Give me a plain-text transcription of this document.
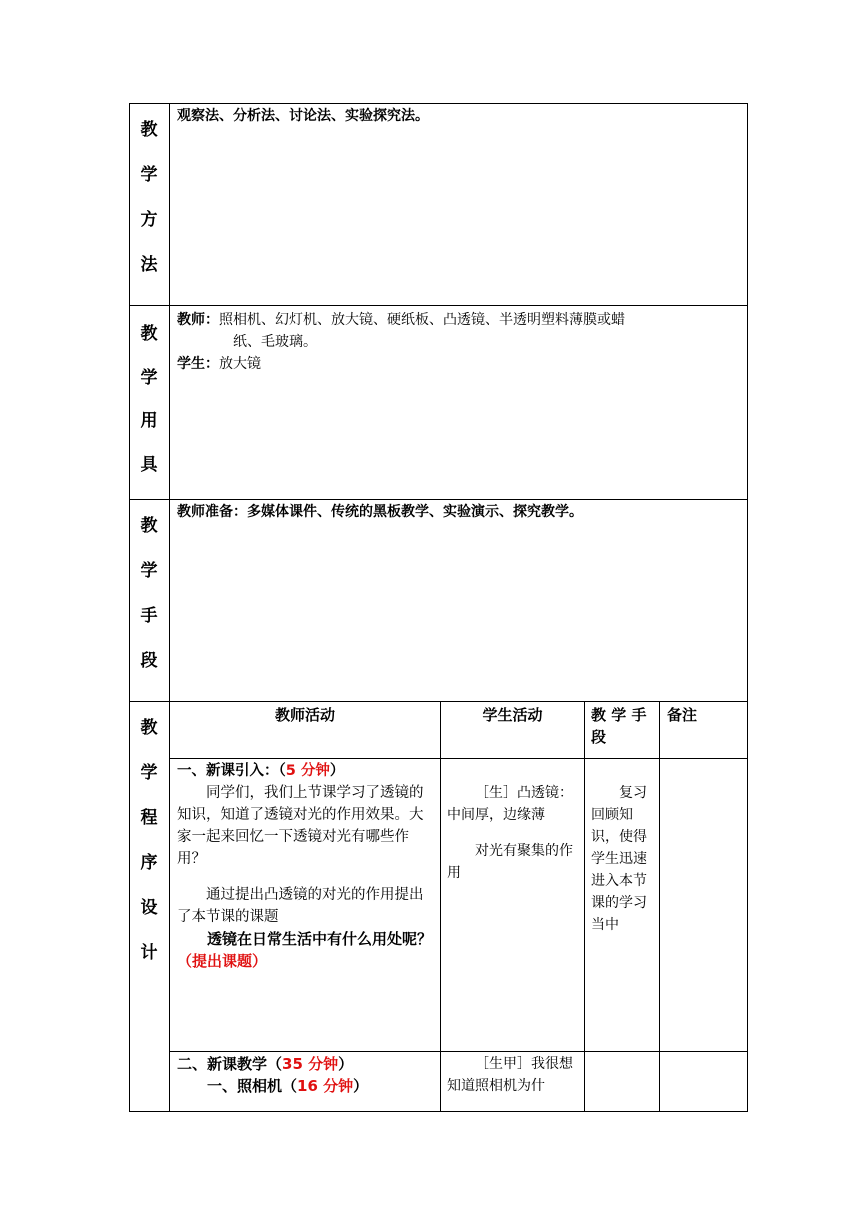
教
学
方
法
观察法、分析法、讨论法、实验探究法。
教
学
用
具

教师：照相机、幻灯机、放大镜、硬纸板、凸透镜、半透明塑料薄膜或蜡

纸、毛玻璃。

学生：放大镜

教
学
手
段
教师准备：多媒体课件、传统的黑板教学、实验演示、探究教学。
教
学
程
序
设
计
教师活动	学生活动	教 学 手 段
备注

一、新课引入：（5 分钟）

同学们，我们上节课学习了透镜的知识，知道了透镜对光的作用效果。大家一起来回忆一下透镜对光有哪些作用？

通过提出凸透镜的对光的作用提出了本节课的课题

透镜在日常生活中有什么用处呢？（提出课题）

［生］凸透镜：中间厚，边缘薄

对光有聚集的作用

复习回顾知识，使得学生迅速进入本节课的学习当中

二、新课教学（35 分钟）

一、照相机（16 分钟）

［生甲］我很想知道照相机为什
